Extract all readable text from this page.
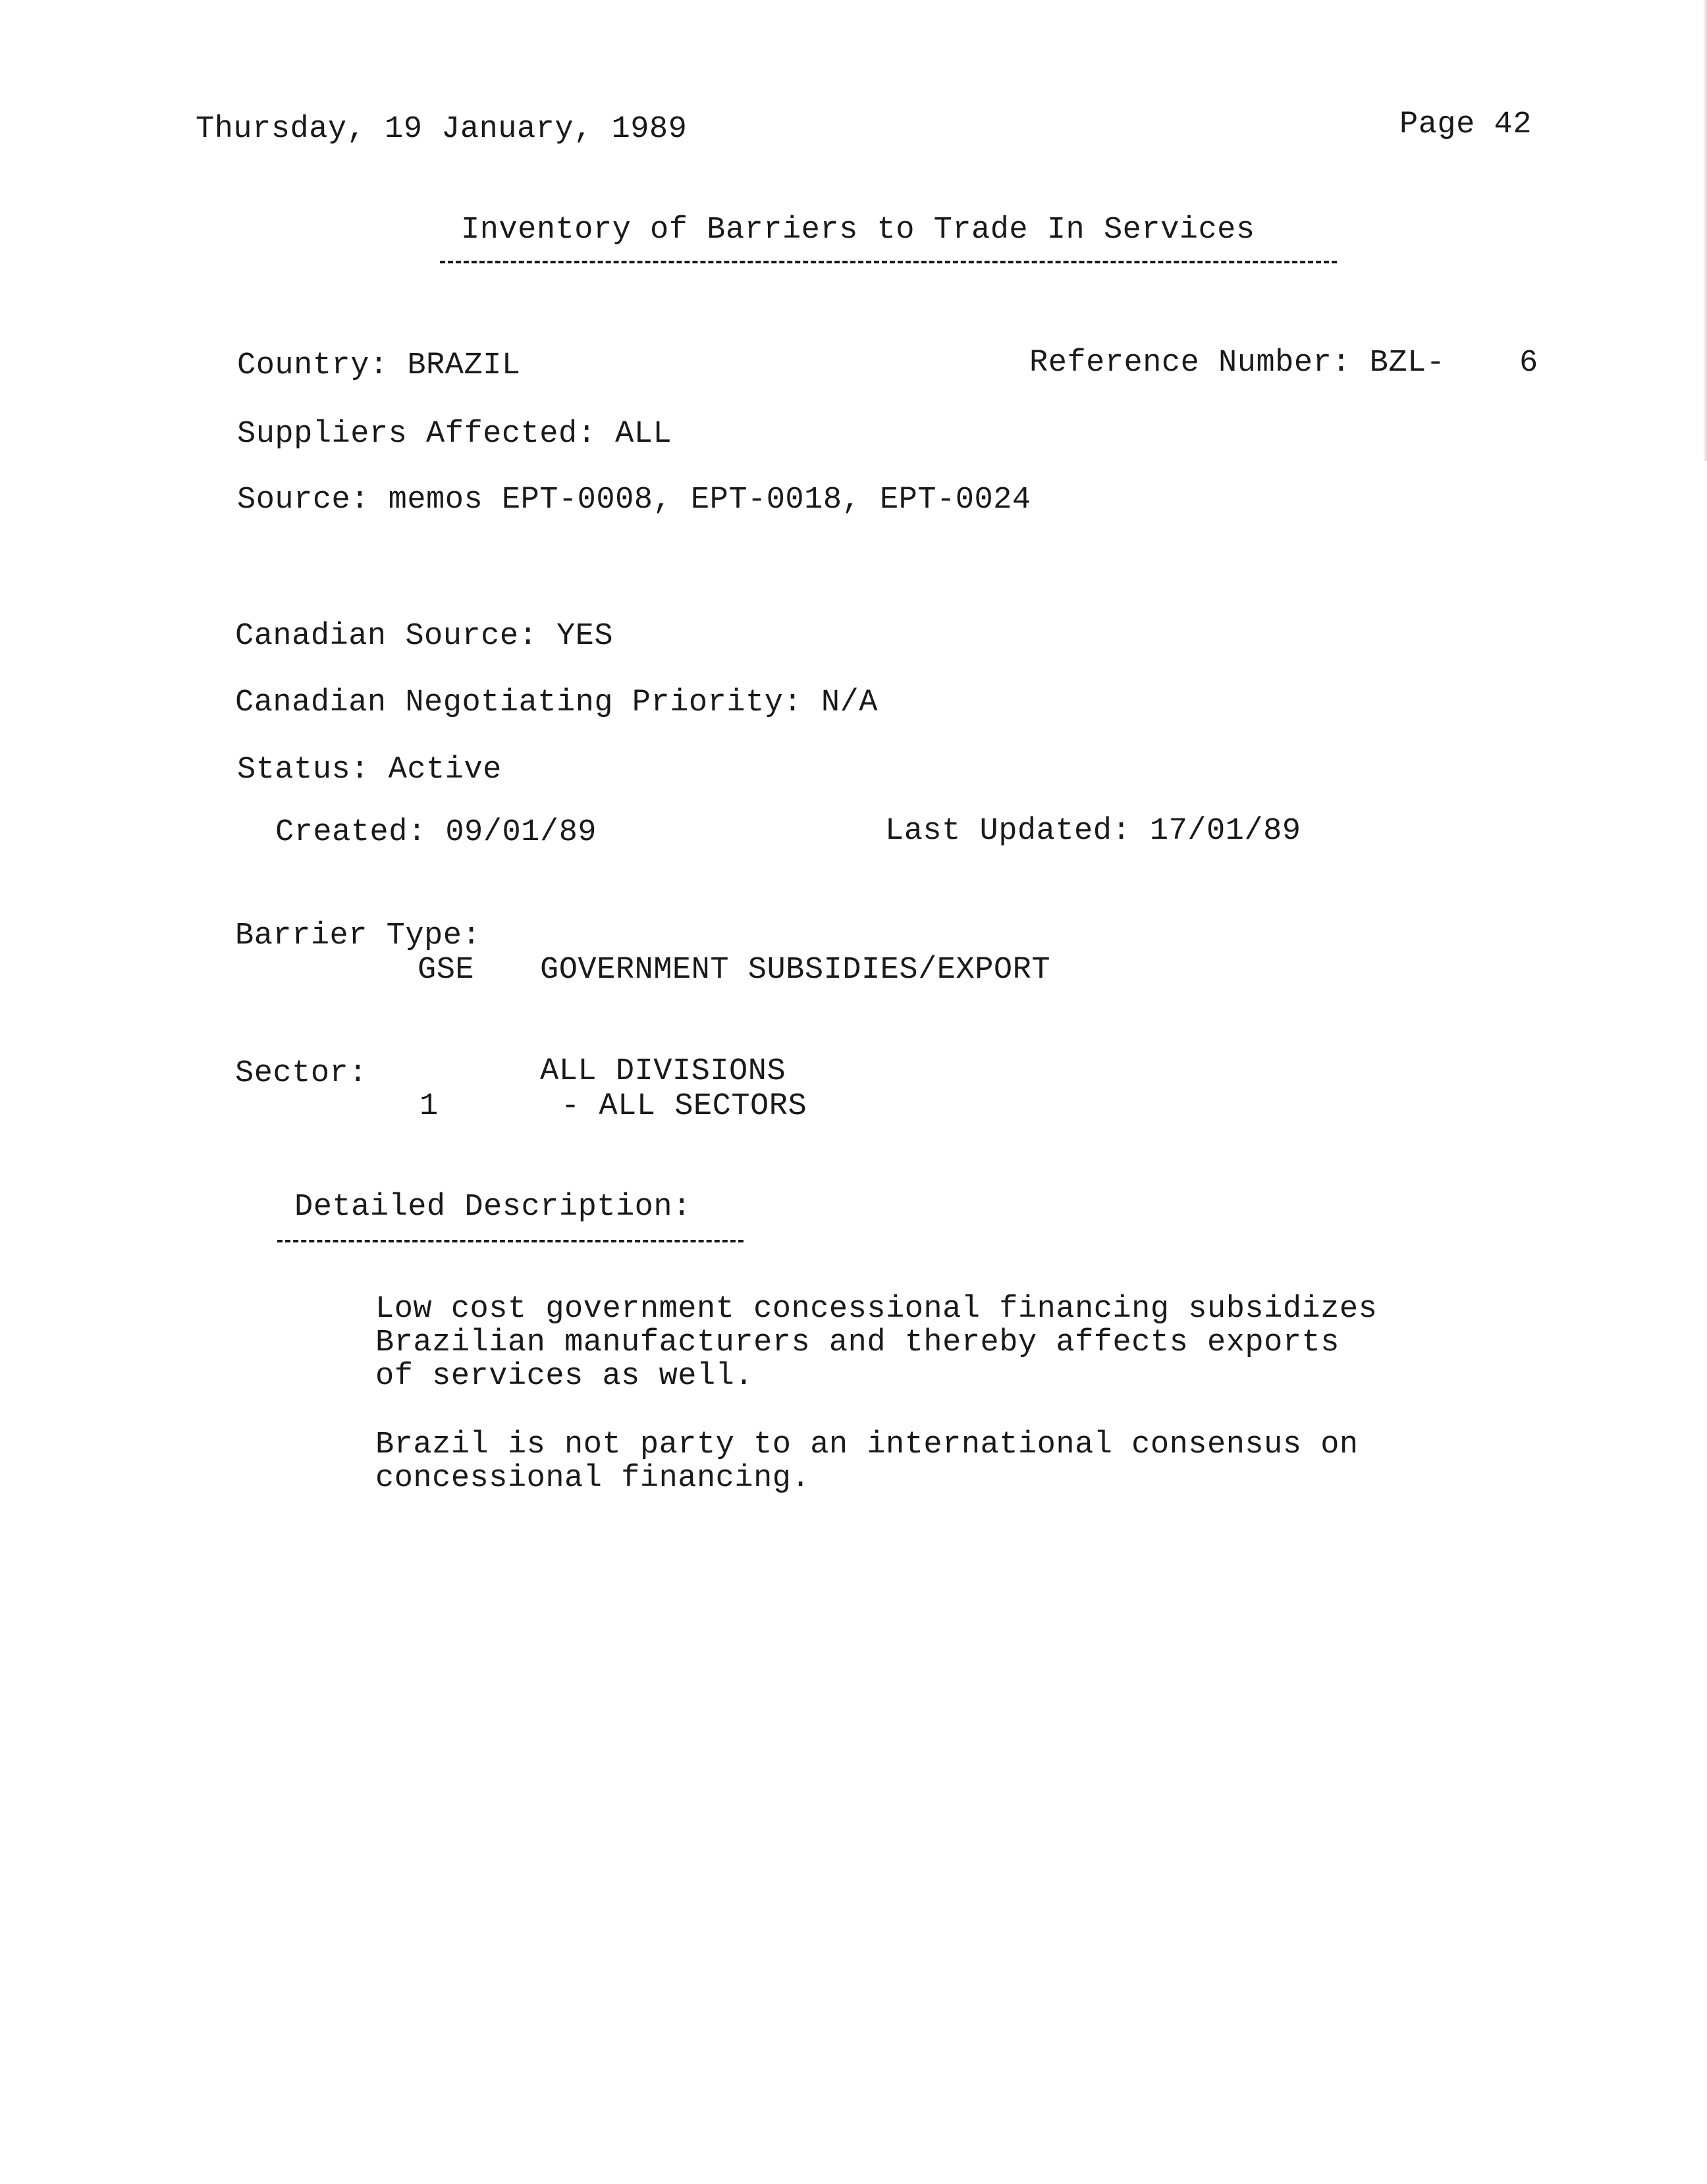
Thursday, 19 January, 1989	Page 42
Inventory of Barriers to Trade In Services
Country: BRAZIL	Reference Number: BZL- 6
Suppliers Affected: ALL
Source: memos EPT-0008, EPT-0018, EPT-0024
Canadian Source: YES
Canadian Negotiating Priority: N/A
Status: Active
Created: 09/01/89	Last Updated: 17/01/89
Barrier Type:
GSE GOVERNMENT SUBSIDIES/EXPORT
Sector:	ALL DIVISIONS
1	- ALL SECTORS
Detailed Description:
Low cost government concessional financing subsidizes
Brazilian manufacturers and thereby affects exports
of services as well.
Brazil is not party to an international consensus on
concessional financing.
